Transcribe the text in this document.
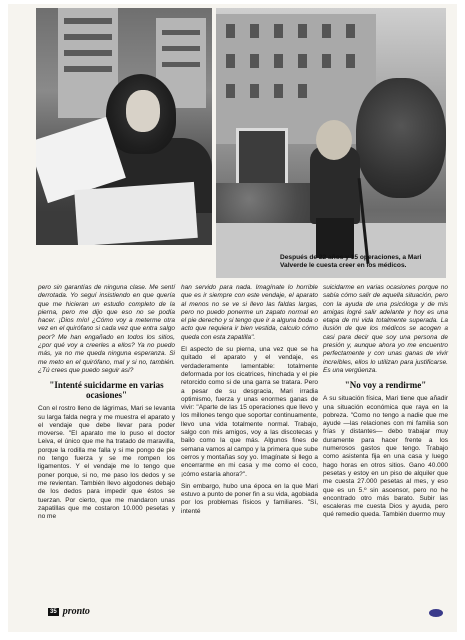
Después de 22 años y 15 operaciones, a Mari Valverde le cuesta creer en los médicos.

pero sin garantías de ninguna clase. Me sentí derrotada. Yo seguí insistiendo en que quería que me hicieran un estudio completo de la pierna, pero me dijo que eso no se podía hacer. ¡Dios mío! ¿Cómo voy a meterme otra vez en el quirófano si cada vez que entra salgo peor? Me han engañado en todos los sitios, ¿por qué voy a creerles a ellos? Ya no puedo más, ya no me queda ninguna esperanza. Si me meto en el quirófano, mal y si no, también. ¿Tú crees que puedo seguir así?

"Intenté suicidarme en varias ocasiones"

Con el rostro lleno de lágrimas, Mari se levanta su larga falda negra y me muestra el aparato y el vendaje que debe llevar para poder moverse. "El aparato me lo puso el doctor Leiva, el único que me ha tratado de maravilla, porque la rodilla me falla y si me pongo de pie no tengo fuerza y se me rompen los ligamentos. Y el vendaje me lo tengo que poner porque, si no, me paso los dedos y se me revientan. También llevo algodones debajo de los dedos para impedir que éstos se tuerzan. Por cierto, que me mandaron unas zapatillas que me costaron 10.000 pesetas y no me

han servido para nada. Imagínate lo horrible que es ir siempre con este vendaje, el aparato al menos no se ve si llevo las faldas largas, pero no puedo ponerme un zapato normal en el pie derecho y si tengo que ir a alguna boda o acto que requiera ir bien vestida, calculo cómo queda con esta zapatilla".

El aspecto de su pierna, una vez que se ha quitado el aparato y el vendaje, es verdaderamente lamentable: totalmente deformada por los cicatrices, hinchada y el pie retorcido como si de una garra se tratara. Pero a pesar de su desgracia, Mari irradia optimismo, fuerza y unas enormes ganas de vivir: "Aparte de las 15 operaciones que llevo y los millones tengo que soportar continuamente, llevo una vida totalmente normal. Trabajo, salgo con mis amigos, voy a las discotecas y bailo como la que más. Algunos fines de semana vamos al campo y la primera que sube cerros y montañas soy yo. Imagínate si llego a encerrarme en mi casa y me como el coco, ¡cómo estaría ahora?".

Sin embargo, hubo una época en la que Mari estuvo a punto de poner fin a su vida, agobiada por los problemas físicos y familiares. "Sí, intenté

suicidarme en varias ocasiones porque no sabía cómo salir de aquella situación, pero con la ayuda de una psicóloga y de mis amigas logré salir adelante y hoy es una etapa de mi vida totalmente superada. La ilusión de que los médicos se acogen a casi para decir que soy una persona de presión y, aunque ahora yo me encuentro perfectamente y con unas ganas de vivir increíbles, ellos lo utilizan para justificarse. Es una vergüenza.

"No voy a rendirme"

A su situación física, Mari tiene que añadir una situación económica que raya en la pobreza. "Como no tengo a nadie que me ayude —las relaciones con mi familia son frías y distantes— debo trabajar muy duramente para hacer frente a los numerosos gastos que tengo. Trabajo como asistenta fija en una casa y luego hago horas en otros sitios. Gano 40.000 pesetas y estoy en un piso de alquiler que me cuesta 27.000 pesetas al mes, y eso que es un 5.º sin ascensor, pero no he encontrado otro más barato. Subir las escaleras me cuesta Dios y ayuda, pero qué remedio queda. También duermo muy

35 pronto
